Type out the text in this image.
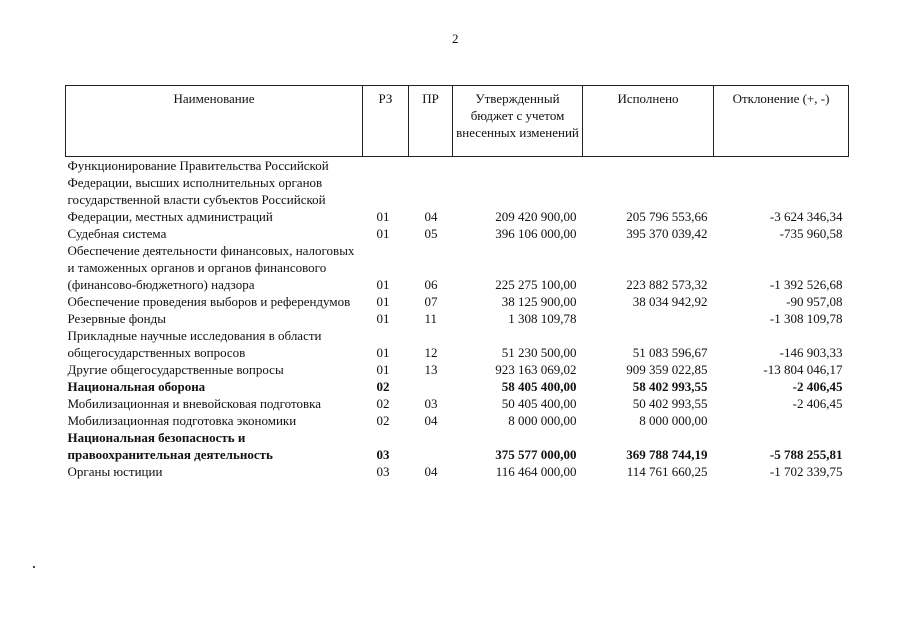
2
Наименование	РЗ	ПР	Утвержденный бюджет с учетом внесенных изменений	Исполнено	Отклонение (+, -)
Функционирование Правительства Российской Федерации, высших исполнительных органов государственной власти субъектов Российской Федерации, местных администраций	01	04	209 420 900,00	205 796 553,66	-3 624 346,34
Судебная система	01	05	396 106 000,00	395 370 039,42	-735 960,58
Обеспечение деятельности финансовых, налоговых и таможенных органов и органов финансового (финансово-бюджетного) надзора	01	06	225 275 100,00	223 882 573,32	-1 392 526,68
Обеспечение проведения выборов и референдумов	01	07	38 125 900,00	38 034 942,92	-90 957,08
Резервные фонды	01	11	1 308 109,78		-1 308 109,78
Прикладные научные исследования в области общегосударственных вопросов	01	12	51 230 500,00	51 083 596,67	-146 903,33
Другие общегосударственные вопросы	01	13	923 163 069,02	909 359 022,85	-13 804 046,17
Национальная оборона	02		58 405 400,00	58 402 993,55	-2 406,45
Мобилизационная и вневойсковая подготовка	02	03	50 405 400,00	50 402 993,55	-2 406,45
Мобилизационная подготовка экономики	02	04	8 000 000,00	8 000 000,00	
Национальная безопасность и правоохранительная деятельность	03		375 577 000,00	369 788 744,19	-5 788 255,81
Органы юстиции	03	04	116 464 000,00	114 761 660,25	-1 702 339,75
